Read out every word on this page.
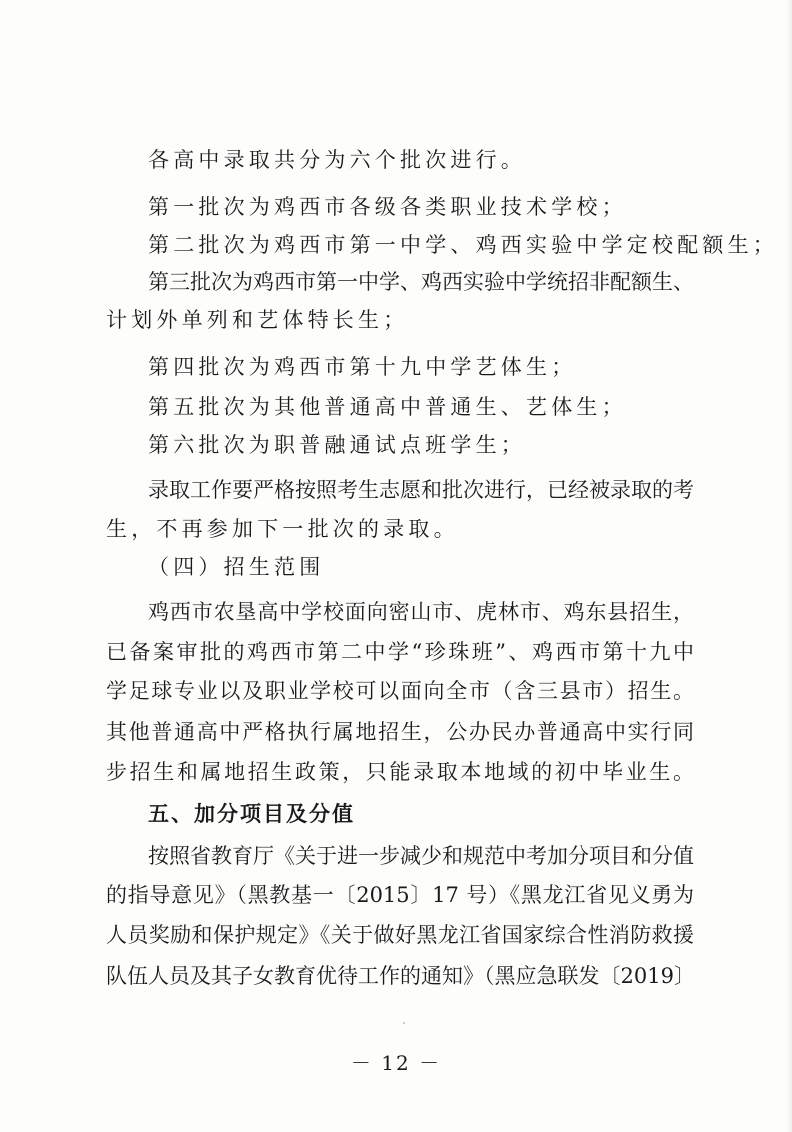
各高中录取共分为六个批次进行。
第一批次为鸡西市各级各类职业技术学校；
第二批次为鸡西市第一中学、鸡西实验中学定校配额生；
第三批次为鸡西市第一中学、鸡西实验中学统招非配额生、
计划外单列和艺体特长生；
第四批次为鸡西市第十九中学艺体生；
第五批次为其他普通高中普通生、艺体生；
第六批次为职普融通试点班学生；
录取工作要严格按照考生志愿和批次进行，已经被录取的考
生，不再参加下一批次的录取。
（四）招生范围
鸡西市农垦高中学校面向密山市、虎林市、鸡东县招生，
已备案审批的鸡西市第二中学“珍珠班”、鸡西市第十九中
学足球专业以及职业学校可以面向全市（含三县市）招生。
其他普通高中严格执行属地招生，公办民办普通高中实行同
步招生和属地招生政策，只能录取本地域的初中毕业生。
五、加分项目及分值
按照省教育厅《关于进一步减少和规范中考加分项目和分值
的指导意见》（黑教基一〔2015〕17 号）《黑龙江省见义勇为
人员奖励和保护规定》《关于做好黑龙江省国家综合性消防救援
队伍人员及其子女教育优待工作的通知》（黑应急联发〔2019〕
－ 12 －
